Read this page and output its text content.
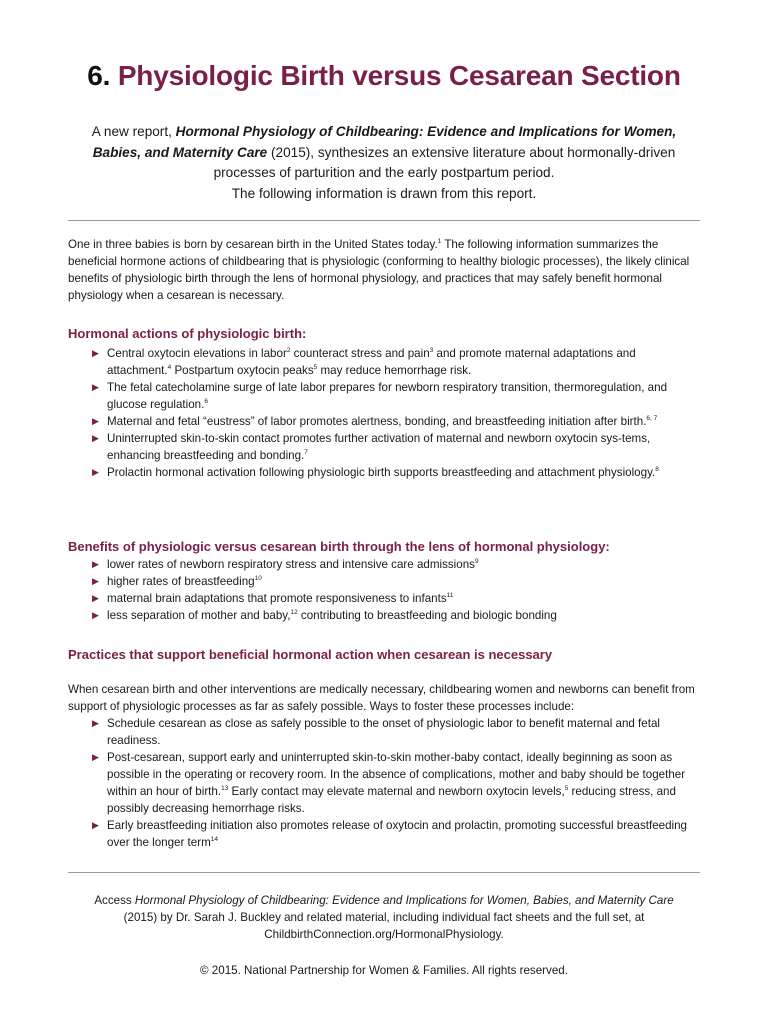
6. Physiologic Birth versus Cesarean Section
A new report, Hormonal Physiology of Childbearing: Evidence and Implications for Women, Babies, and Maternity Care (2015), synthesizes an extensive literature about hormonally-driven processes of parturition and the early postpartum period.
The following information is drawn from this report.

One in three babies is born by cesarean birth in the United States today.$^1$ The following information summarizes the beneficial hormone actions of childbearing that is physiologic (conforming to healthy biologic processes), the likely clinical benefits of physiologic birth through the lens of hormonal physiology, and practices that may safely benefit hormonal physiology when a cesarean is necessary.

Hormonal actions of physiologic birth:
▶ Central oxytocin elevations in labor$^2$ counteract stress and pain$^3$ and promote maternal adaptations and attachment.$^4$ Postpartum oxytocin peaks$^5$ may reduce hemorrhage risk.
▶ The fetal catecholamine surge of late labor prepares for newborn respiratory transition, thermoregulation, and glucose regulation.$^6$
▶ Maternal and fetal “eustress” of labor promotes alertness, bonding, and breastfeeding initiation after birth.$^{6, 7}$
▶ Uninterrupted skin-to-skin contact promotes further activation of maternal and newborn oxytocin sys-tems, enhancing breastfeeding and bonding.$^7$
▶ Prolactin hormonal activation following physiologic birth supports breastfeeding and attachment physiology.$^8$
Benefits of physiologic versus cesarean birth through the lens of hormonal physiology:
▶ lower rates of newborn respiratory stress and intensive care admissions$^9$
▶ higher rates of breastfeeding$^{10}$
▶ maternal brain adaptations that promote responsiveness to infants$^{11}$
▶ less separation of mother and baby,$^{12}$ contributing to breastfeeding and biologic bonding
Practices that support beneficial hormonal action when cesarean is necessary

When cesarean birth and other interventions are medically necessary, childbearing women and newborns can benefit from support of physiologic processes as far as safely possible. Ways to foster these processes include:

▶ Schedule cesarean as close as safely possible to the onset of physiologic labor to benefit maternal and fetal readiness.
▶ Post-cesarean, support early and uninterrupted skin-to-skin mother-baby contact, ideally beginning as soon as possible in the operating or recovery room. In the absence of complications, mother and baby should be together within an hour of birth.$^{13}$ Early contact may elevate maternal and newborn oxytocin levels,$^5$ reducing stress, and possibly decreasing hemorrhage risks.
▶ Early breastfeeding initiation also promotes release of oxytocin and prolactin, promoting successful breastfeeding over the longer term$^{14}$
Access Hormonal Physiology of Childbearing: Evidence and Implications for Women, Babies, and Maternity Care (2015) by Dr. Sarah J. Buckley and related material, including individual fact sheets and the full set, at ChildbirthConnection.org/HormonalPhysiology.
© 2015. National Partnership for Women & Families. All rights reserved.
